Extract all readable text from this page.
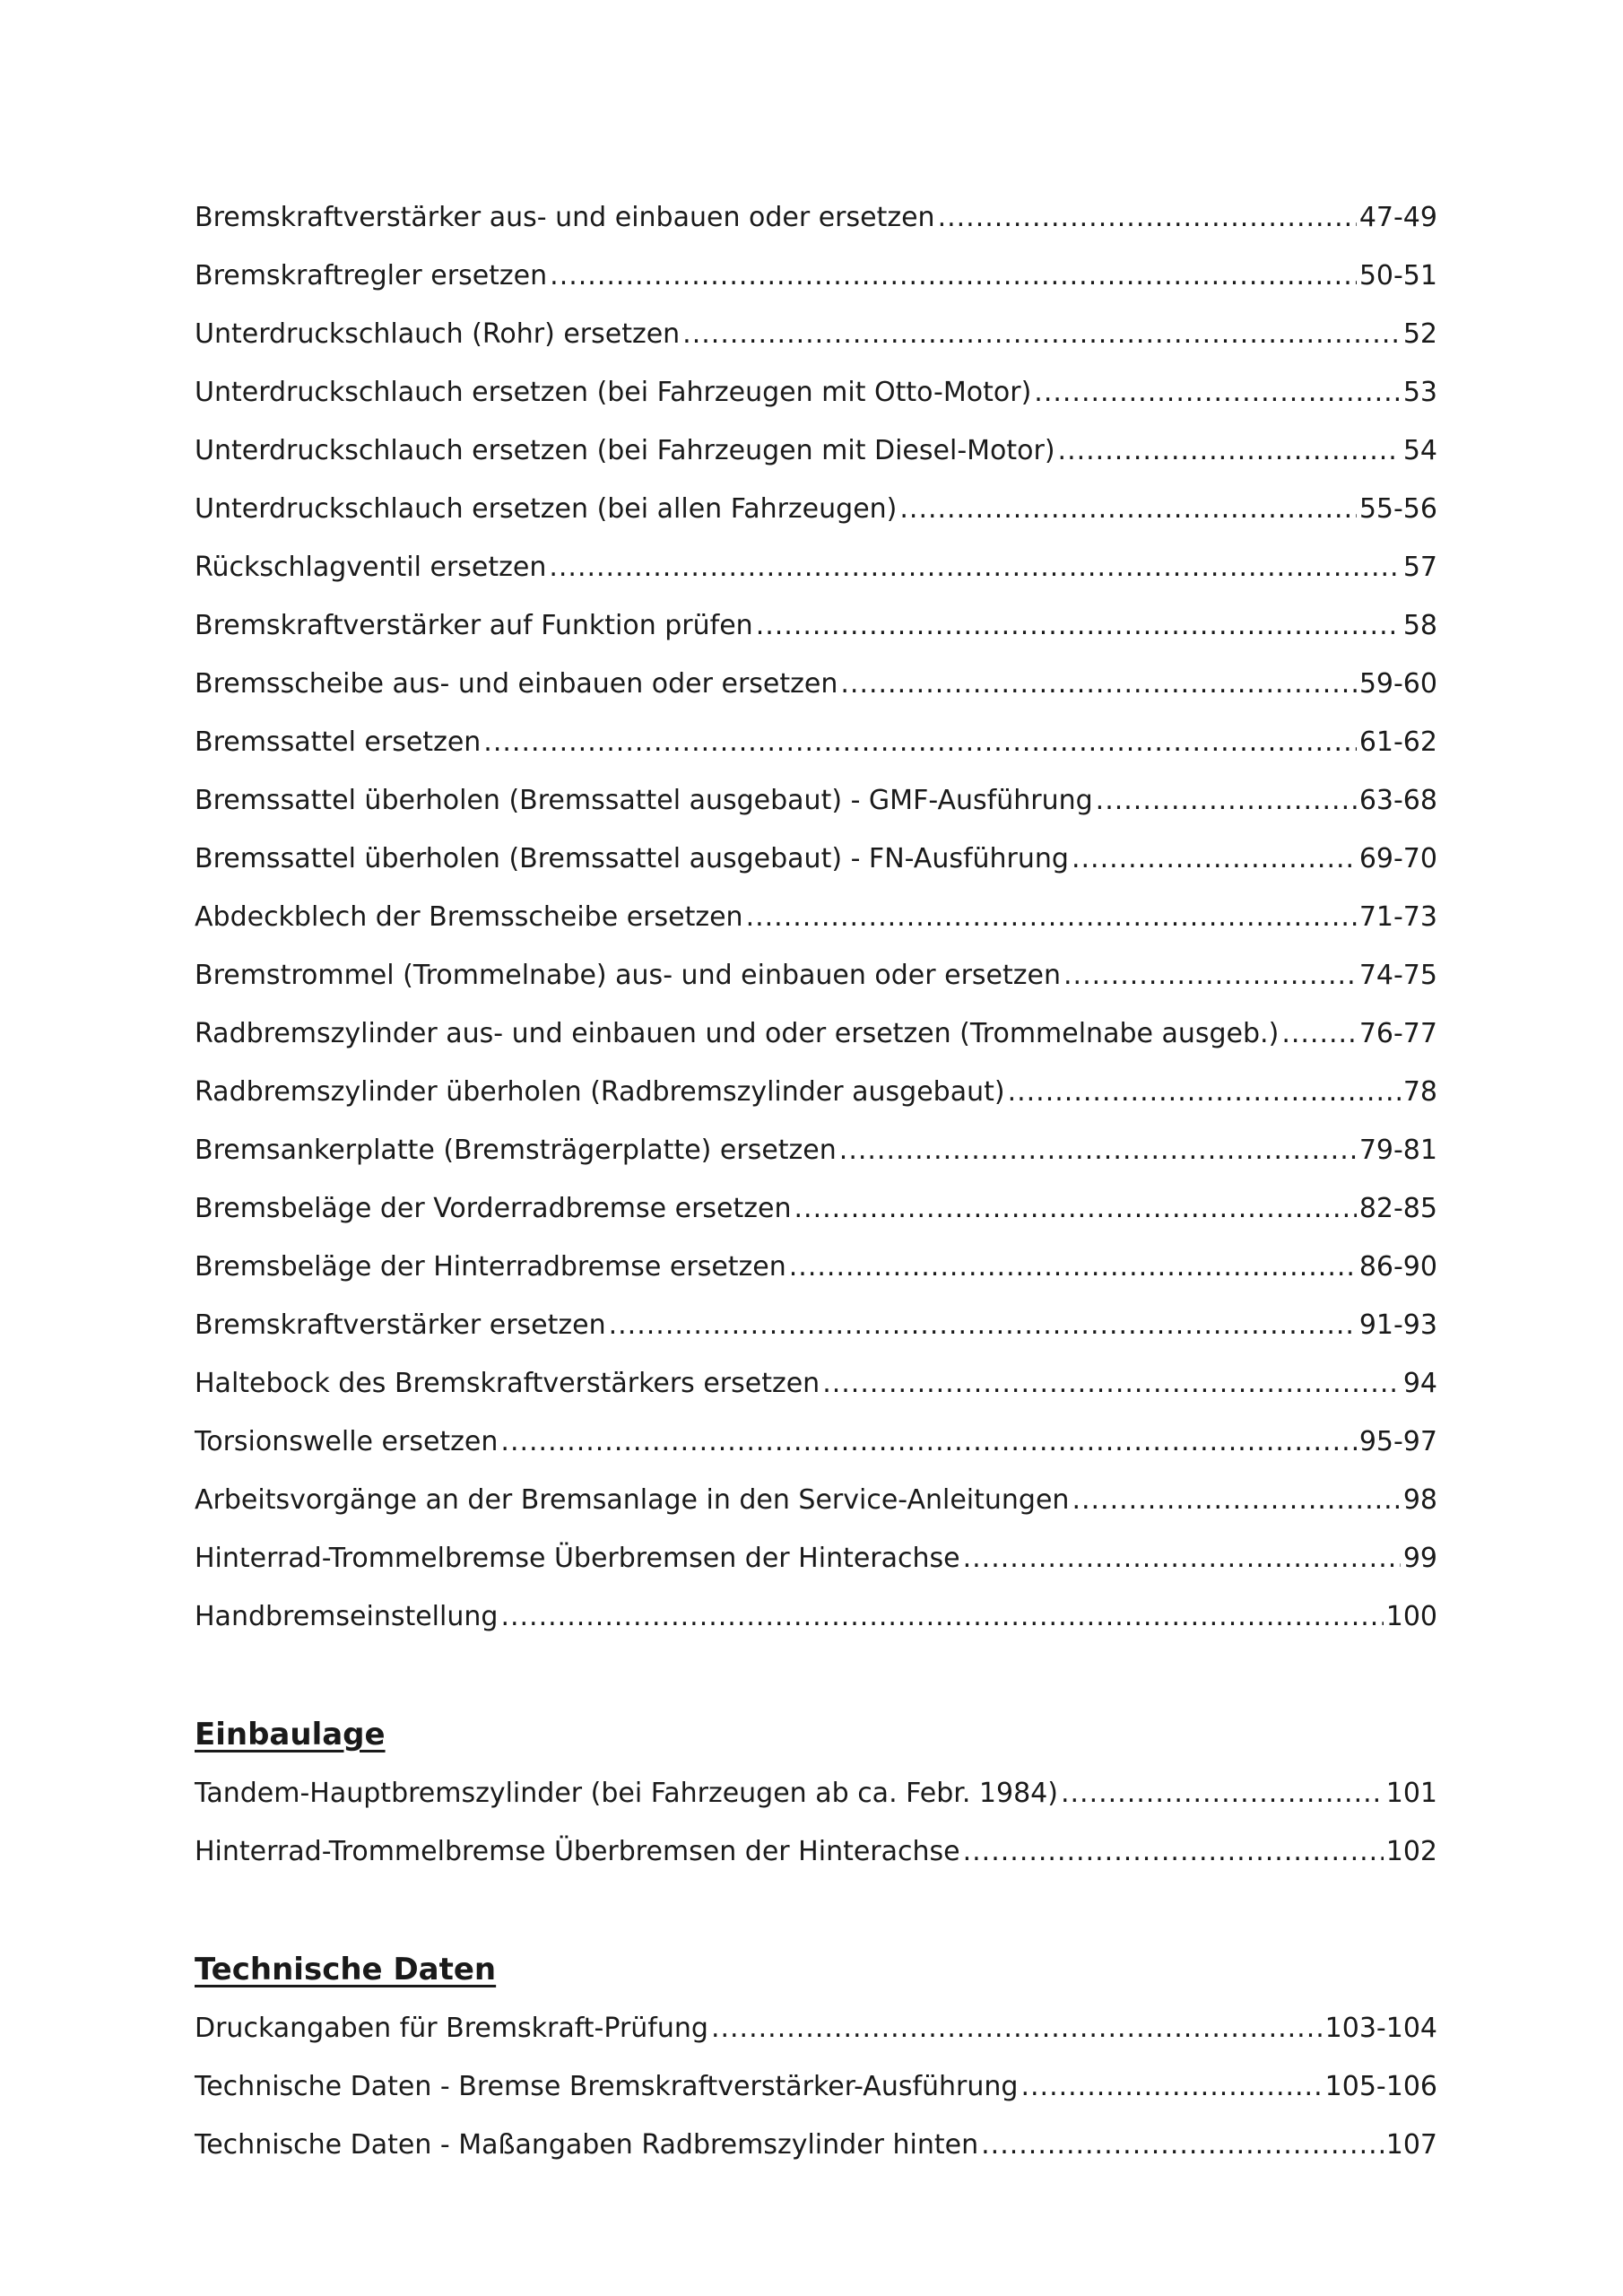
Bremskraftverstärker aus- und einbauen oder ersetzen .....	47-49
Bremskraftregler ersetzen .....	50-51
Unterdruckschlauch (Rohr) ersetzen .....	52
Unterdruckschlauch ersetzen (bei Fahrzeugen mit Otto-Motor) .....	53
Unterdruckschlauch ersetzen (bei Fahrzeugen mit Diesel-Motor) .....	54
Unterdruckschlauch ersetzen (bei allen Fahrzeugen) .....	55-56
Rückschlagventil ersetzen .....	57
Bremskraftverstärker auf Funktion prüfen .....	58
Bremsscheibe aus- und einbauen oder ersetzen .....	59-60
Bremssattel ersetzen .....	61-62
Bremssattel überholen (Bremssattel ausgebaut) - GMF-Ausführung .....	63-68
Bremssattel überholen (Bremssattel ausgebaut) - FN-Ausführung .....	69-70
Abdeckblech der Bremsscheibe ersetzen .....	71-73
Bremstrommel (Trommelnabe) aus- und einbauen oder ersetzen .....	74-75
Radbremszylinder aus- und einbauen und oder ersetzen (Trommelnabe ausgeb.) .....	76-77
Radbremszylinder überholen (Radbremszylinder ausgebaut) .....	78
Bremsankerplatte (Bremsträgerplatte) ersetzen .....	79-81
Bremsbeläge der Vorderradbremse ersetzen .....	82-85
Bremsbeläge der Hinterradbremse ersetzen .....	86-90
Bremskraftverstärker ersetzen .....	91-93
Haltebock des Bremskraftverstärkers ersetzen .....	94
Torsionswelle ersetzen .....	95-97
Arbeitsvorgänge an der Bremsanlage in den Service-Anleitungen .....	98
Hinterrad-Trommelbremse Überbremsen der Hinterachse .....	99
Handbremseinstellung .....	100
Einbaulage
Tandem-Hauptbremszylinder (bei Fahrzeugen ab ca. Febr. 1984) .....	101
Hinterrad-Trommelbremse Überbremsen der Hinterachse .....	102
Technische Daten
Druckangaben für Bremskraft-Prüfung .....	103-104
Technische Daten - Bremse Bremskraftverstärker-Ausführung .....	105-106
Technische Daten - Maßangaben Radbremszylinder hinten .....	107
